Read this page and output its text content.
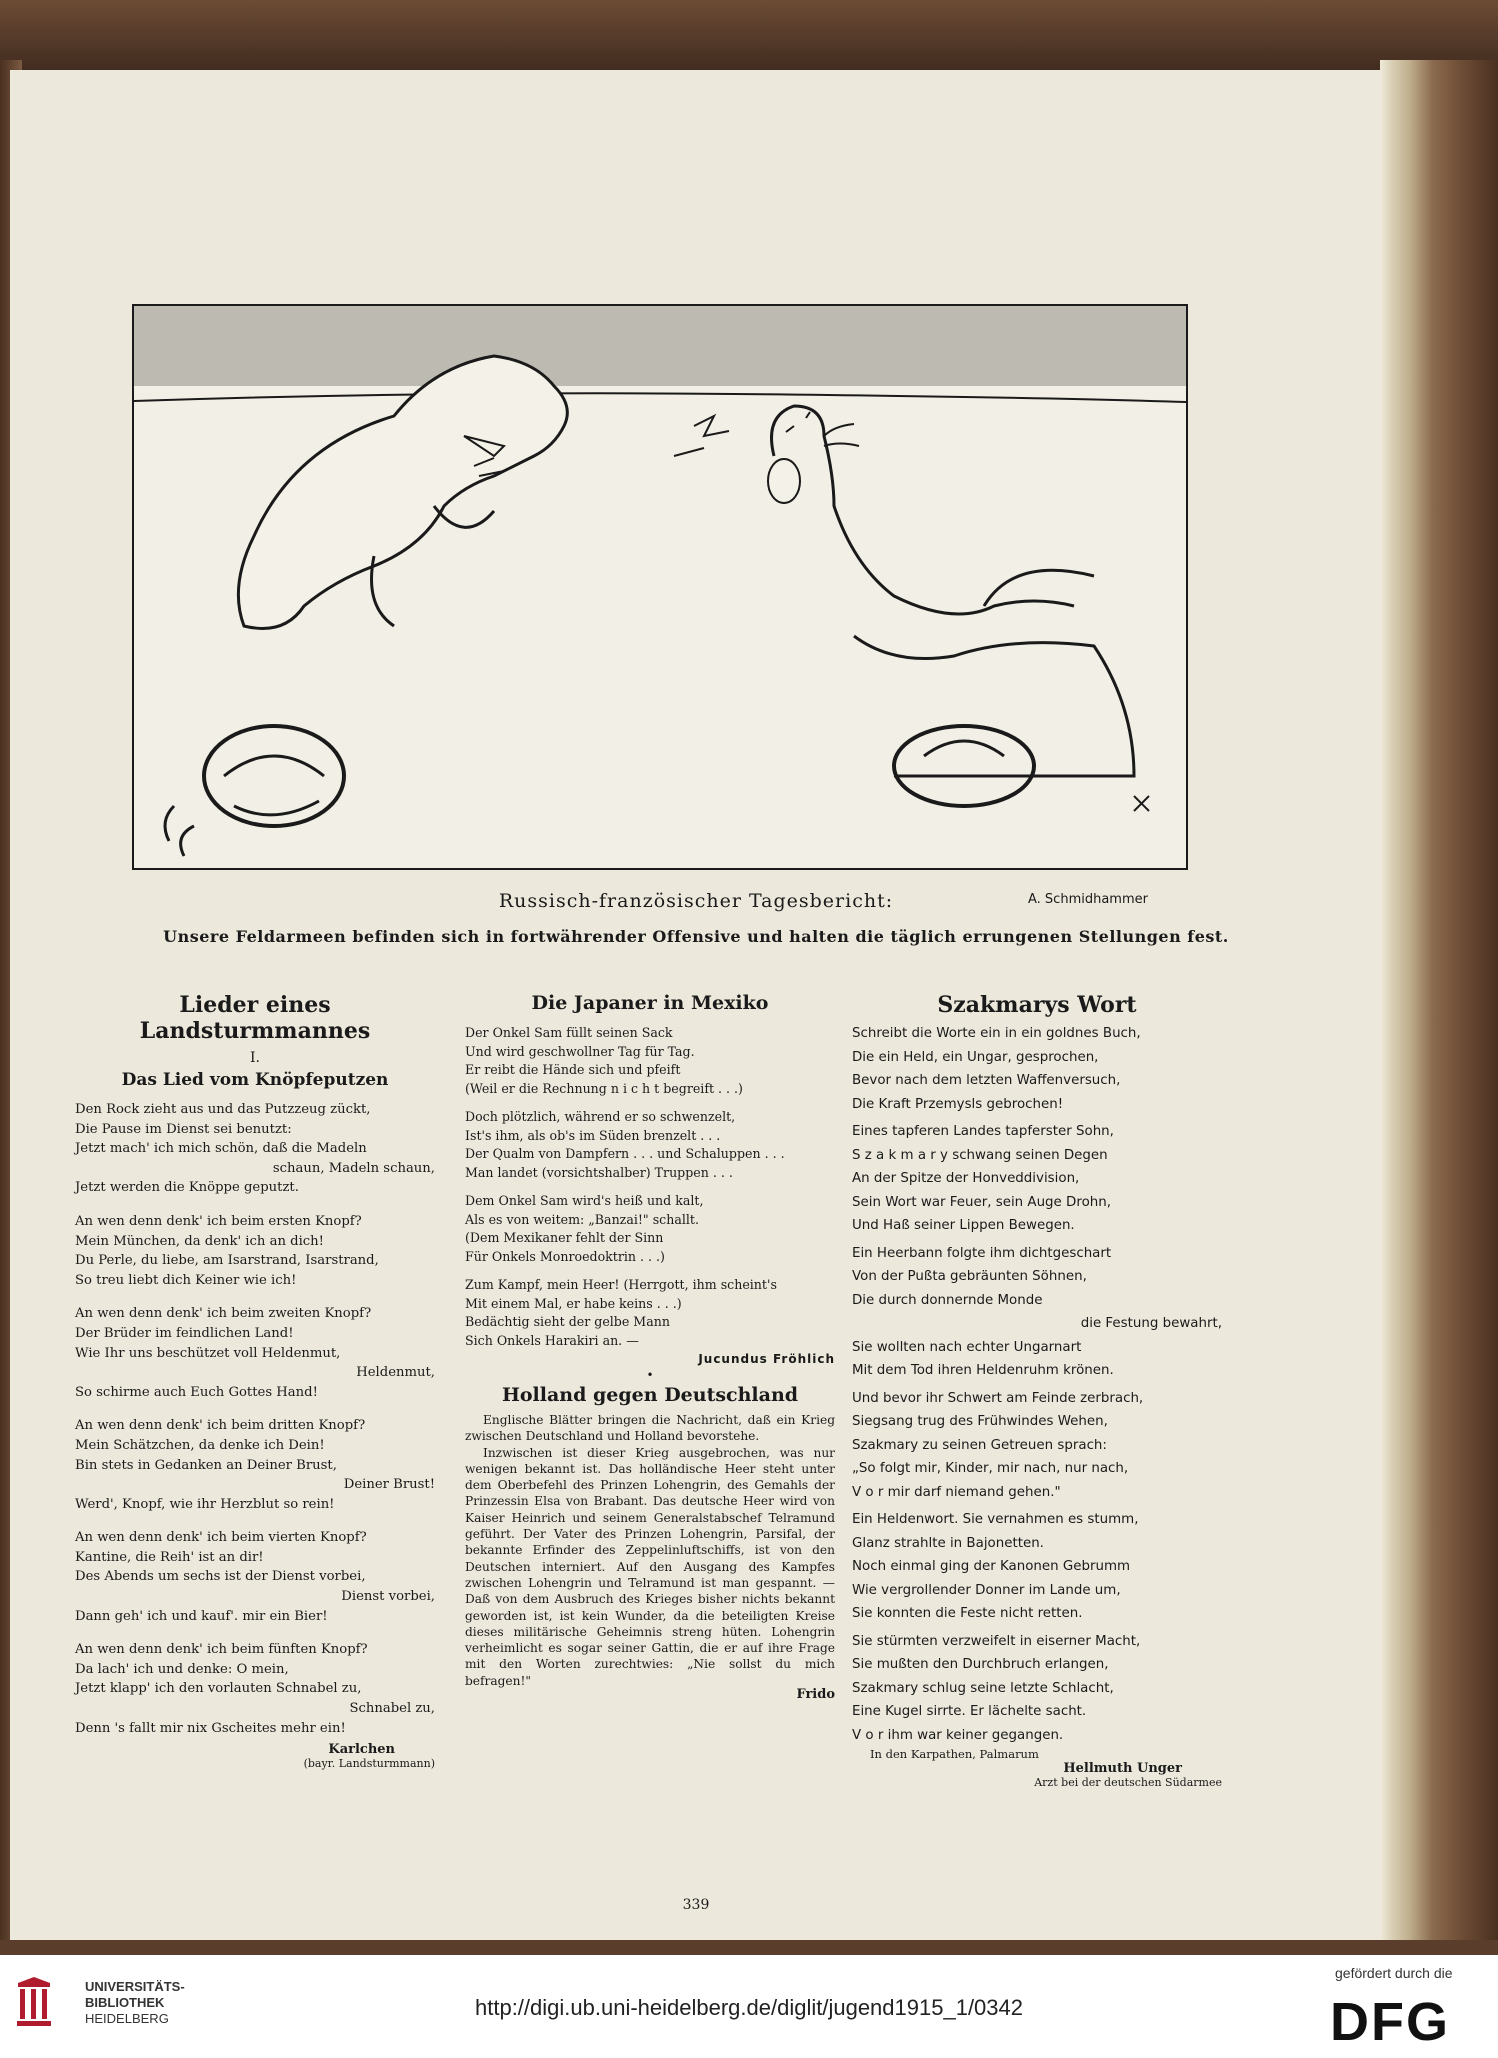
Russisch-französischer Tagesbericht:	A. Schmidhammer
Unsere Feldarmeen befinden sich in fortwährender Offensive und halten die täglich errungenen Stellungen fest.
Lieder eines Landsturmmannes
I.
Das Lied vom Knöpfeputzen
Den Rock zieht aus und das Putzzeug zückt,
Die Pause im Dienst sei benutzt:
Jetzt mach' ich mich schön, daß die Madeln
schaun, Madeln schaun,
Jetzt werden die Knöppe geputzt.
An wen denn denk' ich beim ersten Knopf?
Mein München, da denk' ich an dich!
Du Perle, du liebe, am Isarstrand, Isarstrand,
So treu liebt dich Keiner wie ich!
An wen denn denk' ich beim zweiten Knopf?
Der Brüder im feindlichen Land!
Wie Ihr uns beschützet voll Heldenmut,
Heldenmut,
So schirme auch Euch Gottes Hand!
An wen denn denk' ich beim dritten Knopf?
Mein Schätzchen, da denke ich Dein!
Bin stets in Gedanken an Deiner Brust,
Deiner Brust!
Werd', Knopf, wie ihr Herzblut so rein!
An wen denn denk' ich beim vierten Knopf?
Kantine, die Reih' ist an dir!
Des Abends um sechs ist der Dienst vorbei,
Dienst vorbei,
Dann geh' ich und kauf'. mir ein Bier!
An wen denn denk' ich beim fünften Knopf?
Da lach' ich und denke: O mein,
Jetzt klapp' ich den vorlauten Schnabel zu,
Schnabel zu,
Denn 's fallt mir nix Gscheites mehr ein!
Karlchen
(bayr. Landsturmmann)
Die Japaner in Mexiko
Der Onkel Sam füllt seinen Sack
Und wird geschwollner Tag für Tag.
Er reibt die Hände sich und pfeift
(Weil er die Rechnung n i c h t begreift . . .)
Doch plötzlich, während er so schwenzelt,
Ist's ihm, als ob's im Süden brenzelt . . .
Der Qualm von Dampfern . . . und Schaluppen . . .
Man landet (vorsichtshalber) Truppen . . .
Dem Onkel Sam wird's heiß und kalt,
Als es von weitem: „Banzai!" schallt.
(Dem Mexikaner fehlt der Sinn
Für Onkels Monroedoktrin . . .)
Zum Kampf, mein Heer! (Herrgott, ihm scheint's
Mit einem Mal, er habe keins . . .)
Bedächtig sieht der gelbe Mann
Sich Onkels Harakiri an. —
Jucundus Fröhlich
•
Holland gegen Deutschland

Englische Blätter bringen die Nachricht, daß ein Krieg zwischen Deutschland und Holland bevorstehe.

Inzwischen ist dieser Krieg ausgebrochen, was nur wenigen bekannt ist. Das holländische Heer steht unter dem Oberbefehl des Prinzen Lohengrin, des Gemahls der Prinzessin Elsa von Brabant. Das deutsche Heer wird von Kaiser Heinrich und seinem Generalstabschef Telramund geführt. Der Vater des Prinzen Lohengrin, Parsifal, der bekannte Erfinder des Zeppelinluftschiffs, ist von den Deutschen interniert. Auf den Ausgang des Kampfes zwischen Lohengrin und Telramund ist man gespannt. — Daß von dem Ausbruch des Krieges bisher nichts bekannt geworden ist, ist kein Wunder, da die beteiligten Kreise dieses militärische Geheimnis streng hüten. Lohengrin verheimlicht es sogar seiner Gattin, die er auf ihre Frage mit den Worten zurechtwies: „Nie sollst du mich befragen!"

Frido
Szakmarys Wort
Schreibt die Worte ein in ein goldnes Buch,
Die ein Held, ein Ungar, gesprochen,
Bevor nach dem letzten Waffenversuch,
Die Kraft Przemysls gebrochen!
Eines tapferen Landes tapferster Sohn,
S z a k m a r y schwang seinen Degen
An der Spitze der Honveddivision,
Sein Wort war Feuer, sein Auge Drohn,
Und Haß seiner Lippen Bewegen.
Ein Heerbann folgte ihm dichtgeschart
Von der Pußta gebräunten Söhnen,
Die durch donnernde Monde
die Festung bewahrt,
Sie wollten nach echter Ungarnart
Mit dem Tod ihren Heldenruhm krönen.
Und bevor ihr Schwert am Feinde zerbrach,
Siegsang trug des Frühwindes Wehen,
Szakmary zu seinen Getreuen sprach:
„So folgt mir, Kinder, mir nach, nur nach,
V o r mir darf niemand gehen."
Ein Heldenwort. Sie vernahmen es stumm,
Glanz strahlte in Bajonetten.
Noch einmal ging der Kanonen Gebrumm
Wie vergrollender Donner im Lande um,
Sie konnten die Feste nicht retten.
Sie stürmten verzweifelt in eiserner Macht,
Sie mußten den Durchbruch erlangen,
Szakmary schlug seine letzte Schlacht,
Eine Kugel sirrte. Er lächelte sacht.
V o r ihm war keiner gegangen.
In den Karpathen, Palmarum
Hellmuth Unger
Arzt bei der deutschen Südarmee
339
UNIVERSITÄTS-
BIBLIOTHEK
HEIDELBERG	http://digi.ub.uni-heidelberg.de/diglit/jugend1915_1/0342
gefördert durch die
DFG
